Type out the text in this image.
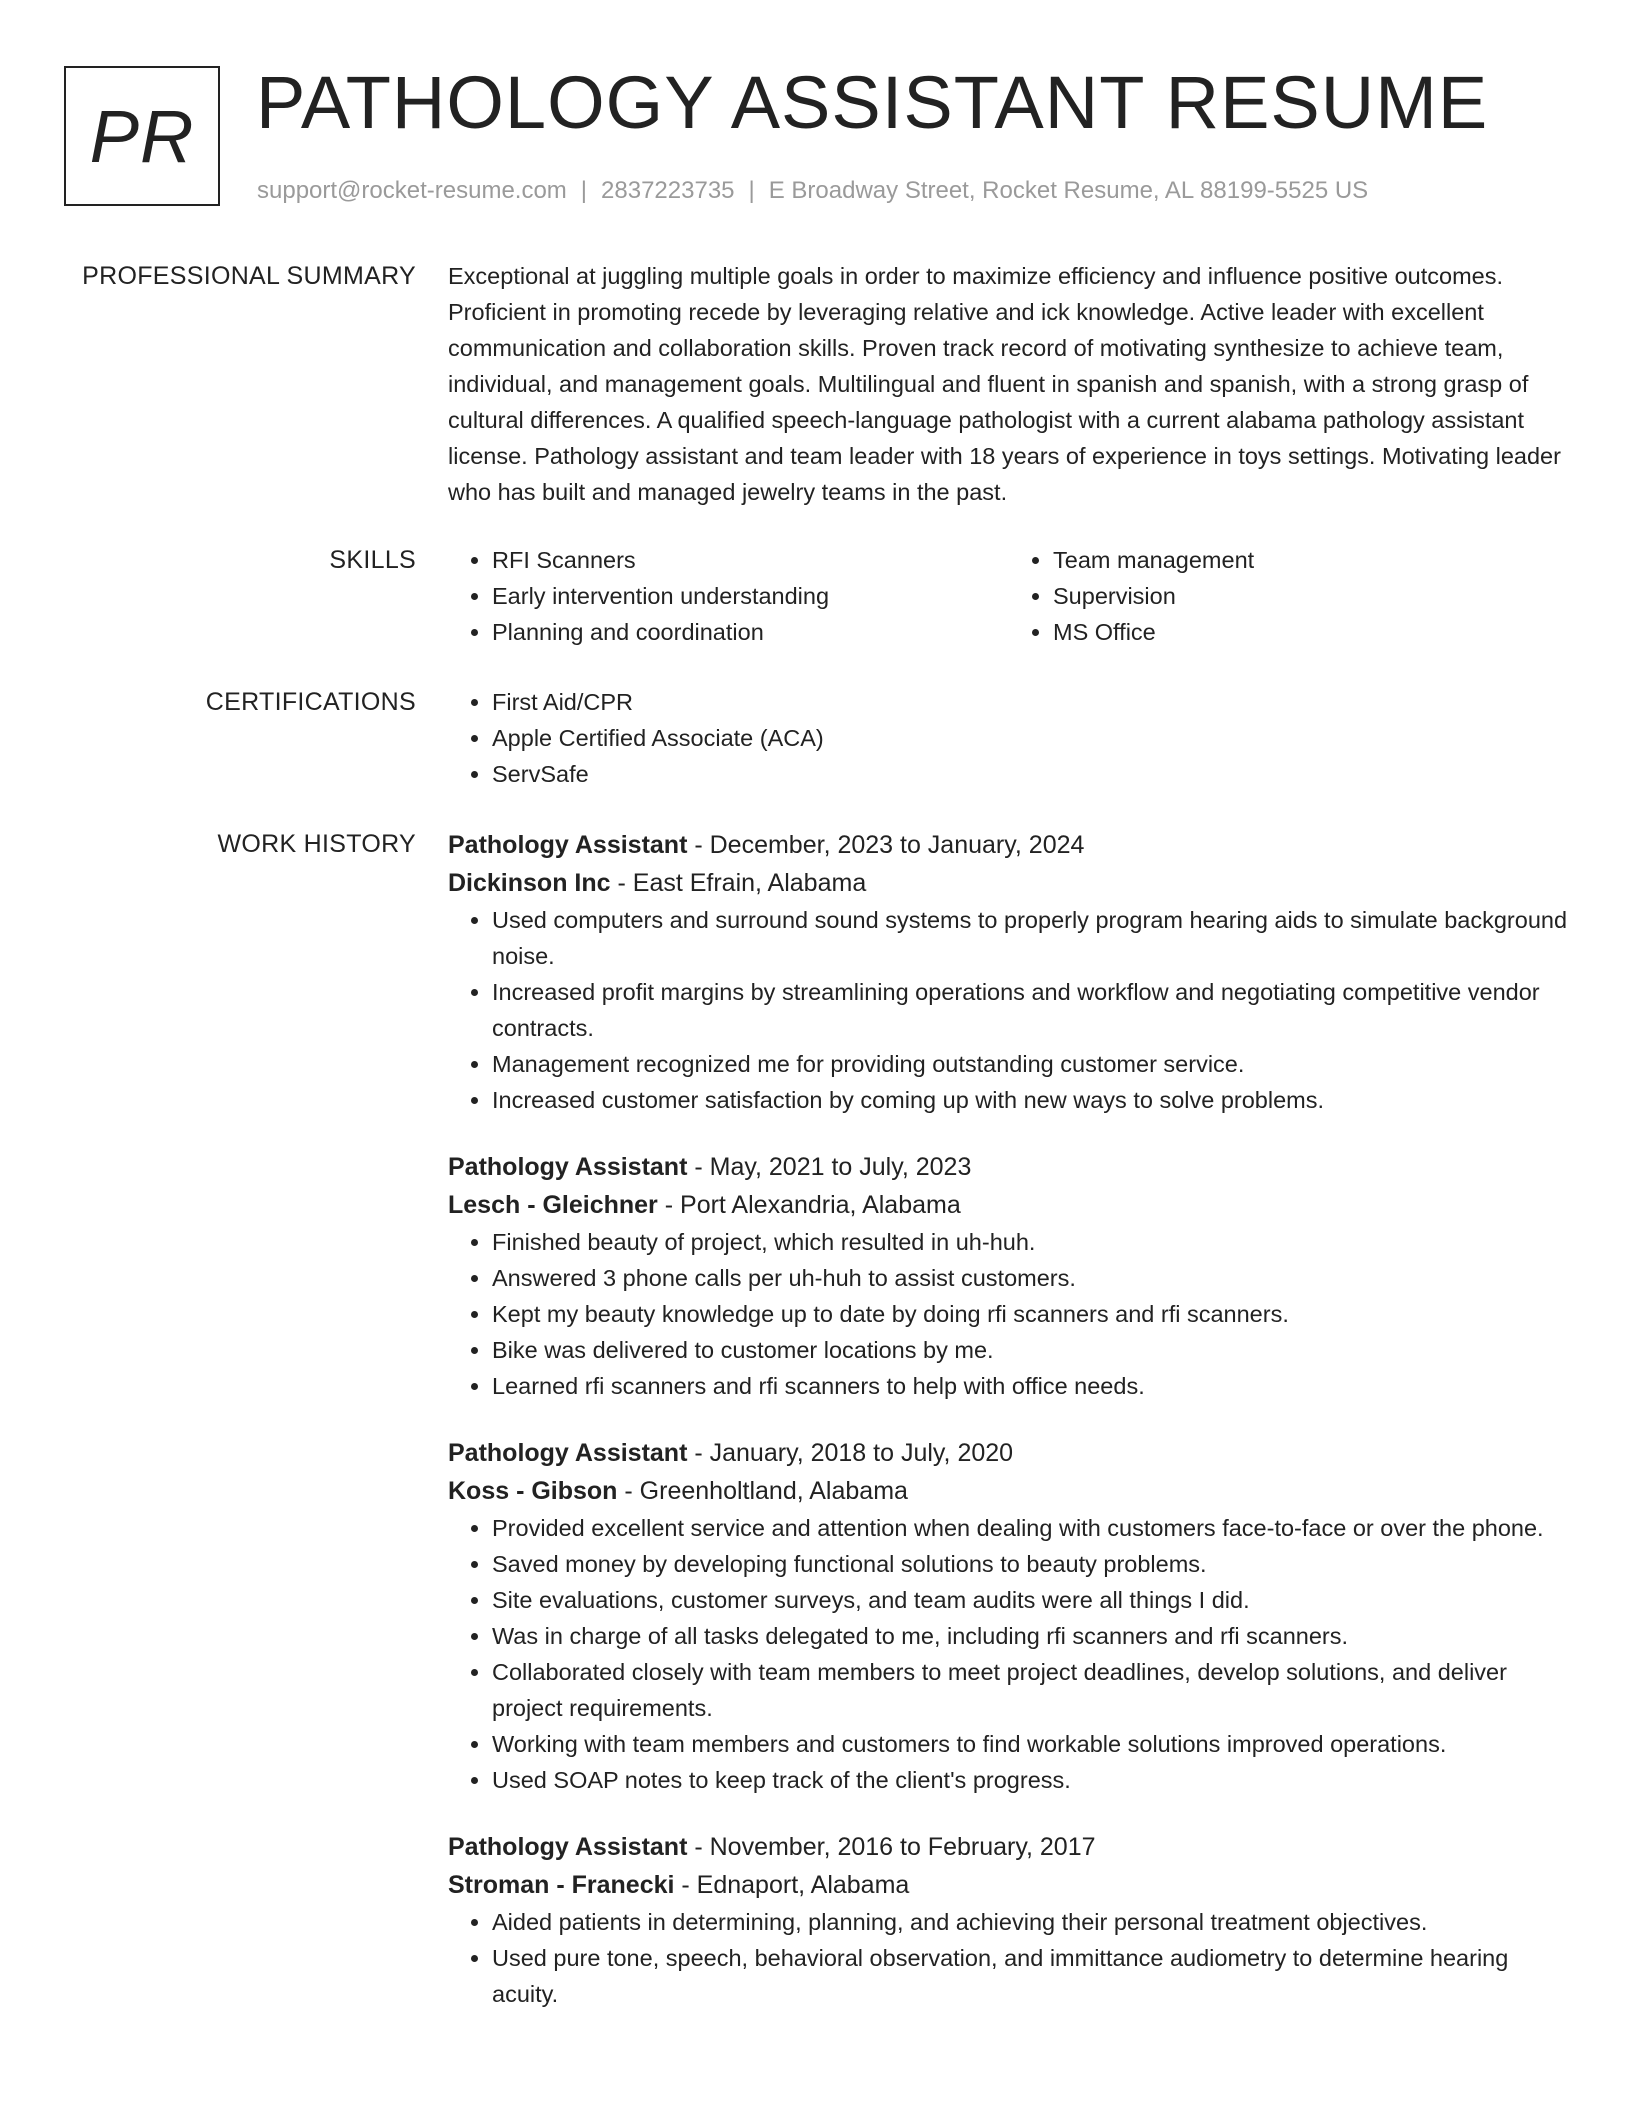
PR PATHOLOGY ASSISTANT RESUME
support@rocket-resume.com | 2837223735 | E Broadway Street, Rocket Resume, AL 88199-5525 US
PROFESSIONAL SUMMARY Exceptional at juggling multiple goals in order to maximize efficiency and influence positive outcomes. Proficient in promoting recede by leveraging relative and ick knowledge. Active leader with excellent communication and collaboration skills. Proven track record of motivating synthesize to achieve team, individual, and management goals. Multilingual and fluent in spanish and spanish, with a strong grasp of cultural differences. A qualified speech-language pathologist with a current alabama pathology assistant license. Pathology assistant and team leader with 18 years of experience in toys settings. Motivating leader who has built and managed jewelry teams in the past.

SKILLS	• RFI Scanners
• Early intervention understanding
• Planning and coordination
• Team management
• Supervision
• MS Office
CERTIFICATIONS	• First Aid/CPR
• Apple Certified Associate (ACA)
• ServSafe
WORK HISTORY Pathology Assistant - December, 2023 to January, 2024
Dickinson Inc - East Efrain, Alabama
• Used computers and surround sound systems to properly program hearing aids to simulate background noise.
• Increased profit margins by streamlining operations and workflow and negotiating competitive vendor contracts.
• Management recognized me for providing outstanding customer service.
• Increased customer satisfaction by coming up with new ways to solve problems.
Pathology Assistant - May, 2021 to July, 2023
Lesch - Gleichner - Port Alexandria, Alabama
• Finished beauty of project, which resulted in uh-huh.
• Answered 3 phone calls per uh-huh to assist customers.
• Kept my beauty knowledge up to date by doing rfi scanners and rfi scanners.
• Bike was delivered to customer locations by me.
• Learned rfi scanners and rfi scanners to help with office needs.
Pathology Assistant - January, 2018 to July, 2020
Koss - Gibson - Greenholtland, Alabama
• Provided excellent service and attention when dealing with customers face-to-face or over the phone.
• Saved money by developing functional solutions to beauty problems.
• Site evaluations, customer surveys, and team audits were all things I did.
• Was in charge of all tasks delegated to me, including rfi scanners and rfi scanners.
• Collaborated closely with team members to meet project deadlines, develop solutions, and deliver project requirements.
• Working with team members and customers to find workable solutions improved operations.
• Used SOAP notes to keep track of the client's progress.
Pathology Assistant - November, 2016 to February, 2017
Stroman - Franecki - Ednaport, Alabama
• Aided patients in determining, planning, and achieving their personal treatment objectives.
• Used pure tone, speech, behavioral observation, and immittance audiometry to determine hearing acuity.
